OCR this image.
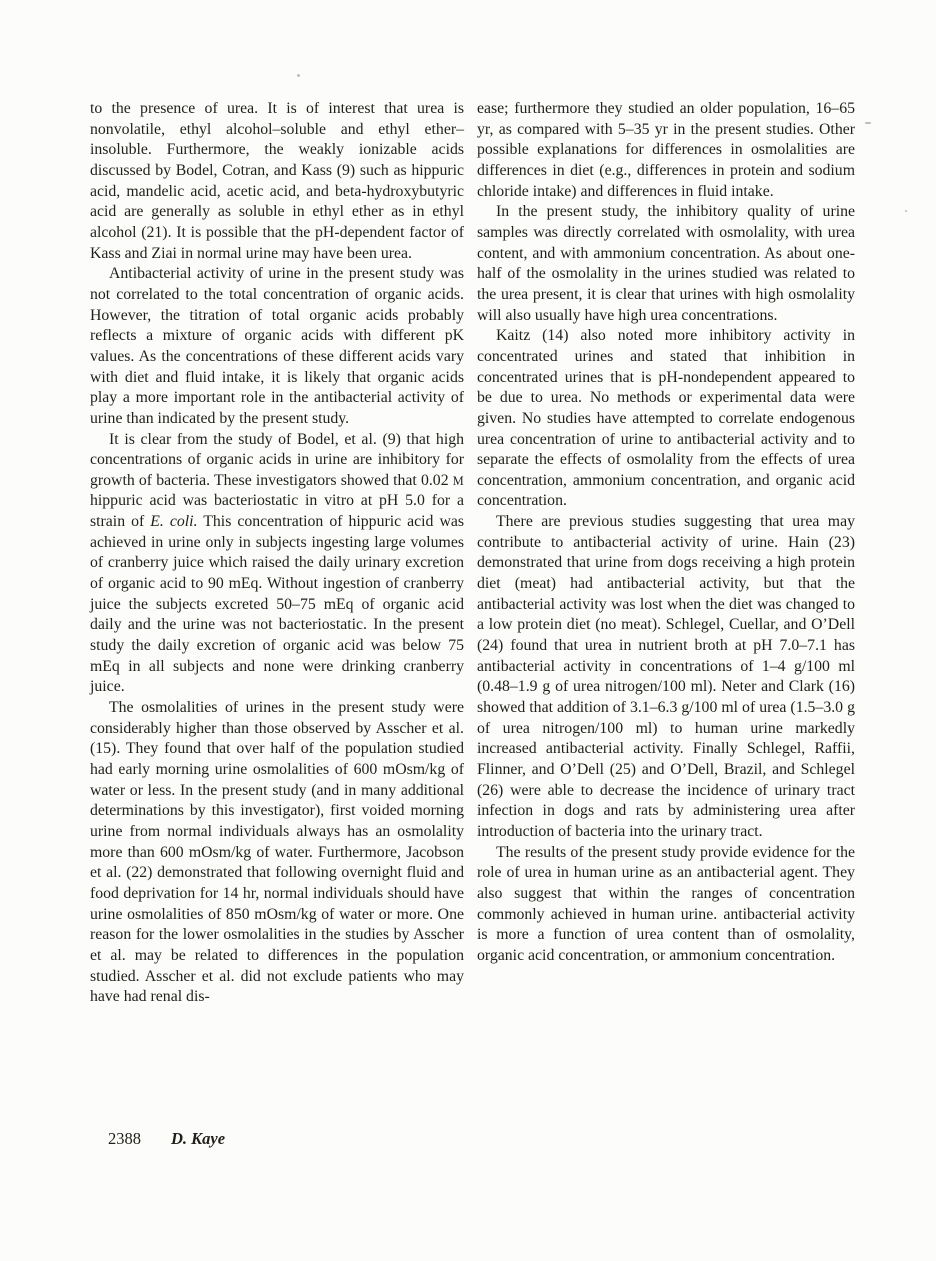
to the presence of urea. It is of interest that urea is nonvolatile, ethyl alcohol–soluble and ethyl ether–insoluble. Furthermore, the weakly ionizable acids discussed by Bodel, Cotran, and Kass (9) such as hippuric acid, mandelic acid, acetic acid, and beta-hydroxybutyric acid are generally as soluble in ethyl ether as in ethyl alcohol (21). It is possible that the pH-dependent factor of Kass and Ziai in normal urine may have been urea.

Antibacterial activity of urine in the present study was not correlated to the total concentration of organic acids. However, the titration of total organic acids probably reflects a mixture of organic acids with different pK values. As the concentrations of these different acids vary with diet and fluid intake, it is likely that organic acids play a more important role in the antibacterial activity of urine than indicated by the present study.

It is clear from the study of Bodel, et al. (9) that high concentrations of organic acids in urine are inhibitory for growth of bacteria. These investigators showed that 0.02 M hippuric acid was bacteriostatic in vitro at pH 5.0 for a strain of E. coli. This concentration of hippuric acid was achieved in urine only in subjects ingesting large volumes of cranberry juice which raised the daily urinary excretion of organic acid to 90 mEq. Without ingestion of cranberry juice the subjects excreted 50–75 mEq of organic acid daily and the urine was not bacteriostatic. In the present study the daily excretion of organic acid was below 75 mEq in all subjects and none were drinking cranberry juice.

The osmolalities of urines in the present study were considerably higher than those observed by Asscher et al. (15). They found that over half of the population studied had early morning urine osmolalities of 600 mOsm/kg of water or less. In the present study (and in many additional determinations by this investigator), first voided morning urine from normal individuals always has an osmolality more than 600 mOsm/kg of water. Furthermore, Jacobson et al. (22) demonstrated that following overnight fluid and food deprivation for 14 hr, normal individuals should have urine osmolalities of 850 mOsm/kg of water or more. One reason for the lower osmolalities in the studies by Asscher et al. may be related to differences in the population studied. Asscher et al. did not exclude patients who may have had renal dis-

ease; furthermore they studied an older population, 16–65 yr, as compared with 5–35 yr in the present studies. Other possible explanations for differences in osmolalities are differences in diet (e.g., differences in protein and sodium chloride intake) and differences in fluid intake.

In the present study, the inhibitory quality of urine samples was directly correlated with osmolality, with urea content, and with ammonium concentration. As about one-half of the osmolality in the urines studied was related to the urea present, it is clear that urines with high osmolality will also usually have high urea concentrations.

Kaitz (14) also noted more inhibitory activity in concentrated urines and stated that inhibition in concentrated urines that is pH-nondependent appeared to be due to urea. No methods or experimental data were given. No studies have attempted to correlate endogenous urea concentration of urine to antibacterial activity and to separate the effects of osmolality from the effects of urea concentration, ammonium concentration, and organic acid concentration.

There are previous studies suggesting that urea may contribute to antibacterial activity of urine. Hain (23) demonstrated that urine from dogs receiving a high protein diet (meat) had antibacterial activity, but that the antibacterial activity was lost when the diet was changed to a low protein diet (no meat). Schlegel, Cuellar, and O’Dell (24) found that urea in nutrient broth at pH 7.0–7.1 has antibacterial activity in concentrations of 1–4 g/100 ml (0.48–1.9 g of urea nitrogen/100 ml). Neter and Clark (16) showed that addition of 3.1–6.3 g/100 ml of urea (1.5–3.0 g of urea nitrogen/100 ml) to human urine markedly increased antibacterial activity. Finally Schlegel, Raffii, Flinner, and O’Dell (25) and O’Dell, Brazil, and Schlegel (26) were able to decrease the incidence of urinary tract infection in dogs and rats by administering urea after introduction of bacteria into the urinary tract.

The results of the present study provide evidence for the role of urea in human urine as an antibacterial agent. They also suggest that within the ranges of concentration commonly achieved in human urine. antibacterial activity is more a function of urea content than of osmolality, organic acid concentration, or ammonium concentration.

2388 D. Kaye
